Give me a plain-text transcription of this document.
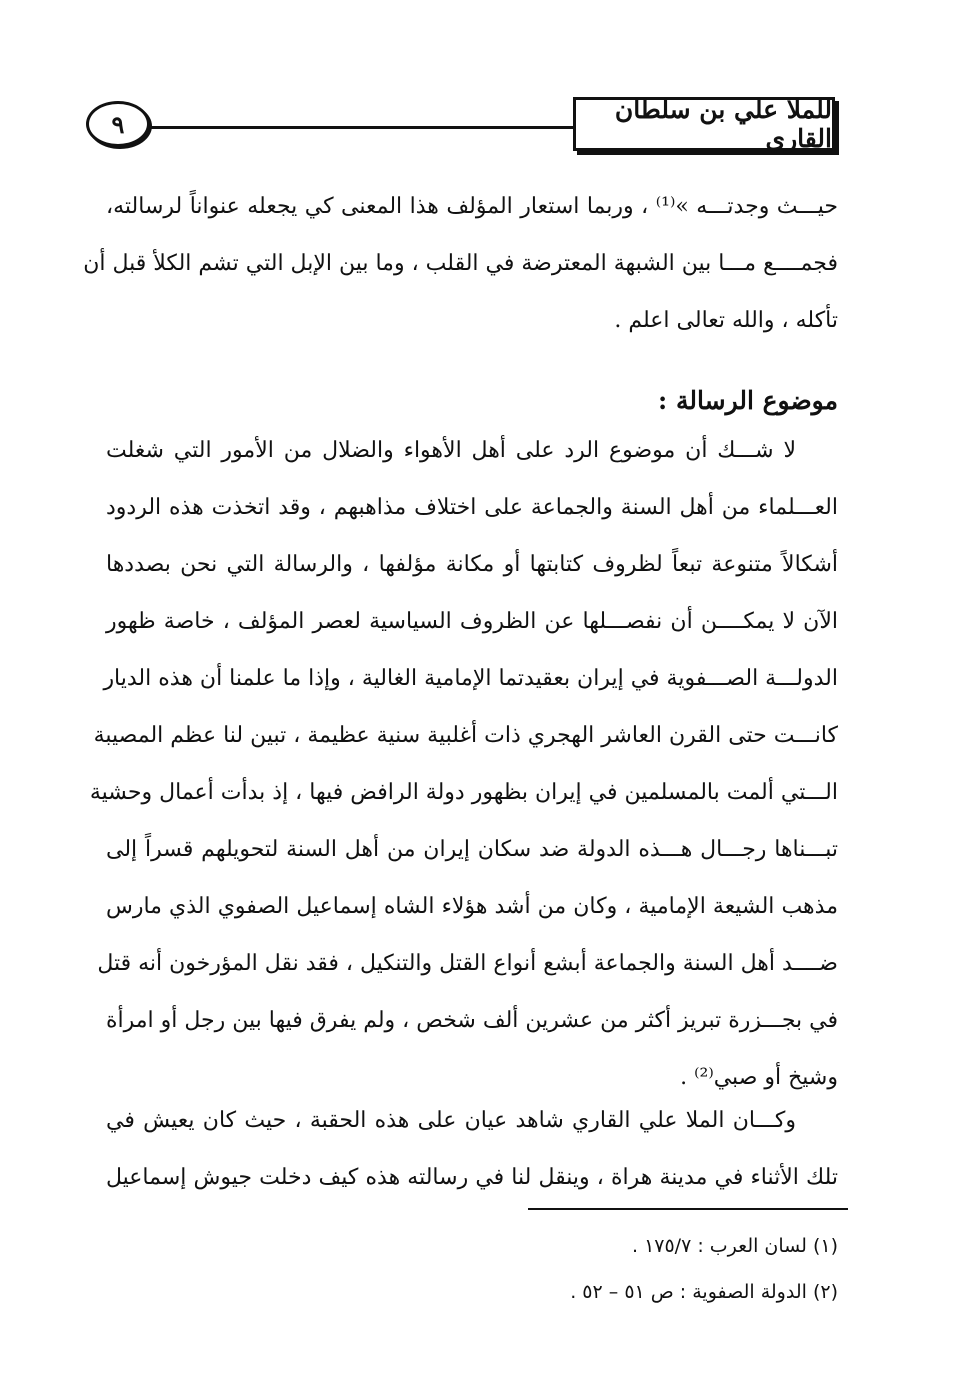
٩	للملا علي بن سلطان القاري
حيـــث وجدتـــه »⁽¹⁾ ، وربما استعار المؤلف هذا المعنى كي يجعله عنواناً لرسالته،
فجمــــع مـــا بين الشبهة المعترضة في القلب ، وما بين الإبل التي تشم الكلأ قبل أن
تأكله ، والله تعالى اعلم .
موضوع الرسالة :
لا شـــك أن موضوع الرد على أهل الأهواء والضلال من الأمور التي شغلت
العـــلماء من أهل السنة والجماعة على اختلاف مذاهبهم ، وقد اتخذت هذه الردود
أشكالاً متنوعة تبعاً لظروف كتابتها أو مكانة مؤلفها ، والرسالة التي نحن بصددها
الآن لا يمكــــن أن نفصـــلها عن الظروف السياسية لعصر المؤلف ، خاصة ظهور
الدولـــة الصـــفوية في إيران بعقيدتما الإمامية الغالية ، وإذا ما علمنا أن هذه الديار
كانـــت حتى القرن العاشر الهجري ذات أغلبية سنية عظيمة ، تبين لنا عظم المصيبة
الـــتي ألمت بالمسلمين في إيران بظهور دولة الرافض فيها ، إذ بدأت أعمال وحشية
تبـــناها رجـــال هـــذه الدولة ضد سكان إيران من أهل السنة لتحويلهم قسراً إلى
مذهب الشيعة الإمامية ، وكان من أشد هؤلاء الشاه إسماعيل الصفوي الذي مارس
ضــــد أهل السنة والجماعة أبشع أنواع القتل والتنكيل ، فقد نقل المؤرخون أنه قتل
في بجـــزرة تبريز أكثر من عشرين ألف شخص ، ولم يفرق فيها بين رجل أو امرأة
وشيخ أو صبي⁽²⁾ .
وكـــان الملا علي القاري شاهد عيان على هذه الحقبة ، حيث كان يعيش في
تلك الأثناء في مدينة هراة ، وينقل لنا في رسالته هذه كيف دخلت جيوش إسماعيل
(١) لسان العرب : ١٧٥/٧ .
(٢) الدولة الصفوية : ص ٥١ – ٥٢ .
